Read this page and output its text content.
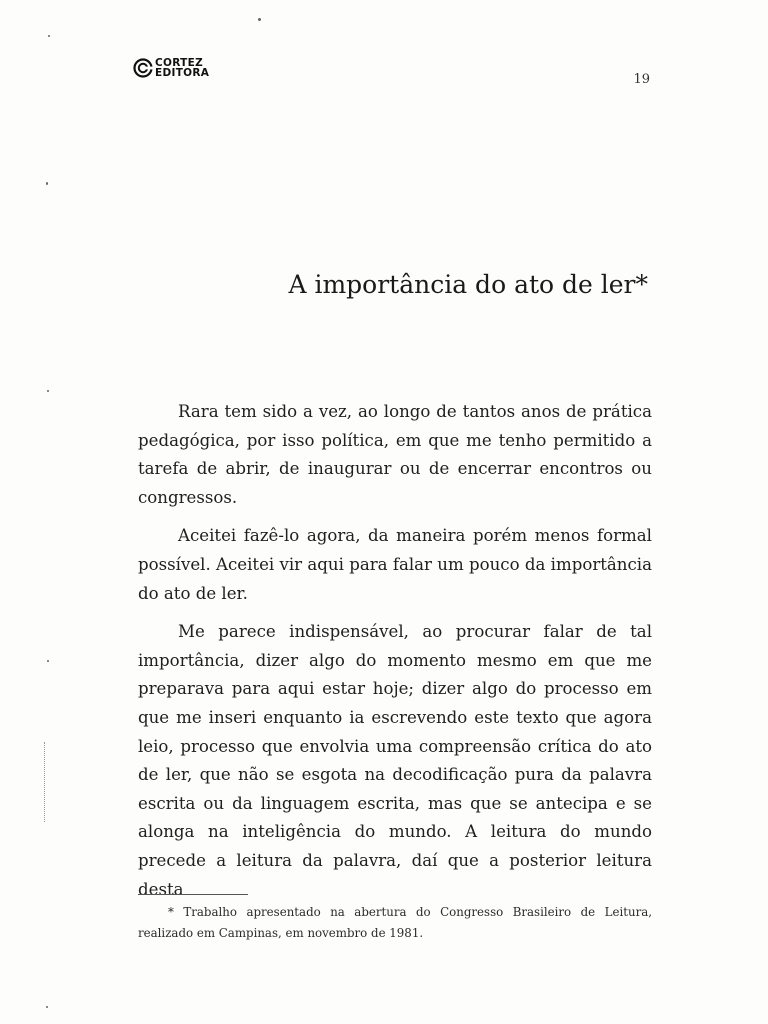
CORTEZ
EDITORA	19
A importância do ato de ler*

Rara tem sido a vez, ao longo de tantos anos de prática pedagógica, por isso política, em que me tenho permitido a tarefa de abrir, de inaugurar ou de encerrar encontros ou congressos.

Aceitei fazê-lo agora, da maneira porém menos formal possível. Aceitei vir aqui para falar um pouco da importância do ato de ler.

Me parece indispensável, ao procurar falar de tal importância, dizer algo do momento mesmo em que me preparava para aqui estar hoje; dizer algo do processo em que me inseri enquanto ia escrevendo este texto que agora leio, processo que envolvia uma compreensão crítica do ato de ler, que não se esgota na decodificação pura da palavra escrita ou da linguagem escrita, mas que se antecipa e se alonga na inteligência do mundo. A leitura do mundo precede a leitura da palavra, daí que a posterior leitura desta

* Trabalho apresentado na abertura do Congresso Brasileiro de Leitura, realizado em Campinas, em novembro de 1981.
